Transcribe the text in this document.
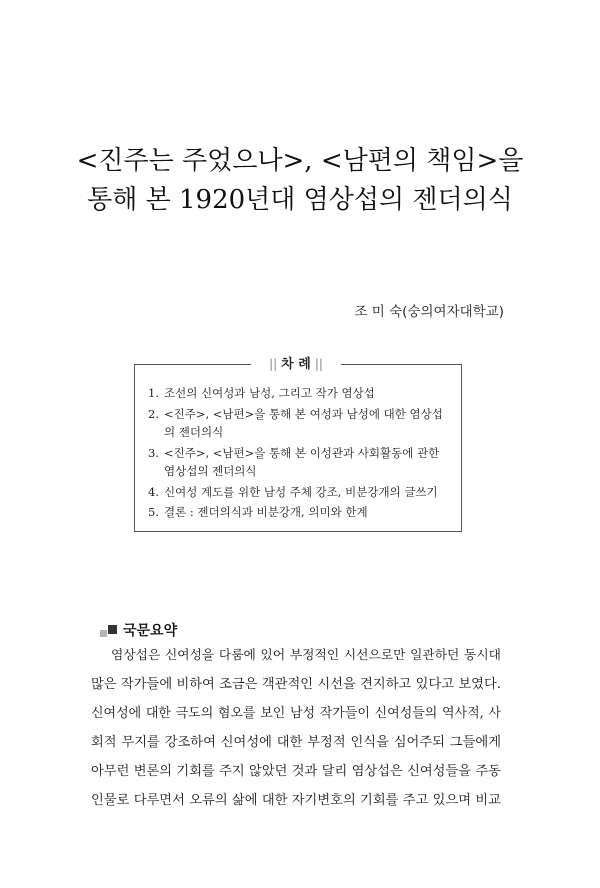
<진주는 주었으나>, <남편의 책임>을
통해 본 1920년대 염상섭의 젠더의식
조 미 숙(숭의여자대학교)
|| 차 례 ||
1. 조선의 신여성과 남성, 그리고 작가 염상섭
2. <진주>, <남편>을 통해 본 여성과 남성에 대한 염상섭
의 젠더의식
3. <진주>, <남편>을 통해 본 이성관과 사회활동에 관한
염상섭의 젠더의식
4. 신여성 계도를 위한 남성 주체 강조, 비분강개의 글쓰기
5. 결론 : 젠더의식과 비분강개, 의미와 한계
국문요약
염상섭은 신여성을 다룸에 있어 부정적인 시선으로만 일관하던 동시대
많은 작가들에 비하여 조금은 객관적인 시선을 견지하고 있다고 보였다.
신여성에 대한 극도의 혐오를 보인 남성 작가들이 신여성들의 역사적, 사
회적 무지를 강조하여 신여성에 대한 부정적 인식을 심어주되 그들에게
아무런 변론의 기회를 주지 않았던 것과 달리 염상섭은 신여성들을 주동
인물로 다루면서 오류의 삶에 대한 자기변호의 기회를 주고 있으며 비교
